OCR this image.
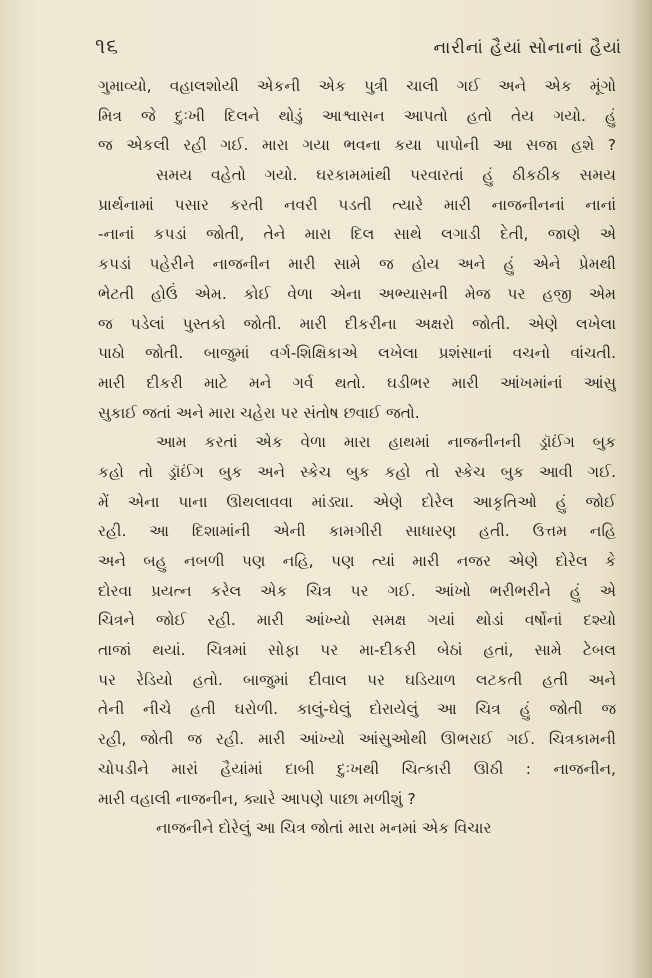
૧૬	નારીનાં હૈયાં સોનાનાં હૈયાં
ગુમાવ્યો, વહાલશોયી એકની એક પુત્રી ચાલી ગઈ અને એક મૂંગો
મિત્ર જે દુઃખી દિલને થોડું આશ્વાસન આપતો હતો તેય ગયો. હું
જ એકલી રહી ગઈ. મારા ગયા ભવના કયા પાપોની આ સજા હશે ?
સમય વહેતો ગયો. ઘરકામમાંથી પરવારતાં હું ઠીકઠીક સમય
પ્રાર્થનામાં પસાર કરતી નવરી પડતી ત્યારે મારી નાજનીનનાં નાનાં
-નાનાં કપડાં જોતી, તેને મારા દિલ સાથે લગાડી દેતી, જાણે એ
કપડાં પહેરીને નાજનીન મારી સામે જ હોય અને હું એને પ્રેમથી
ભેટતી હોઉં એમ. કોઈ વેળા એના અભ્યાસની મેજ પર હજી એમ
જ પડેલાં પુસ્તકો જોતી. મારી દીકરીના અક્ષરો જોતી. એણે લખેલા
પાઠો જોતી. બાજુમાં વર્ગ-શિક્ષિકાએ લખેલા પ્રશંસાનાં વચનો વાંચતી.
મારી દીકરી માટે મને ગર્વ થતો. ઘડીભર મારી આંખમાંનાં આંસુ
સુકાઈ જતાં અને મારા ચહેરા પર સંતોષ છવાઈ જતો.
આમ કરતાં એક વેળા મારા હાથમાં નાજનીનની ડ્રૉઈંગ બુક
કહો તો ડ્રૉઈંગ બુક અને સ્કેચ બુક કહો તો સ્કેચ બુક આવી ગઈ.
મેં એના પાના ઊથલાવવા માંડ્યા. એણે દોરેલ આકૃતિઓ હું જોઈ
રહી. આ દિશામાંની એની કામગીરી સાધારણ હતી. ઉત્તમ નહિ
અને બહુ નબળી પણ નહિ, પણ ત્યાં મારી નજર એણે દોરેલ કે
દોરવા પ્રયત્ન કરેલ એક ચિત્ર પર ગઈ. આંખો ભરીભરીને હું એ
ચિત્રને જોઈ રહી. મારી આંખ્યો સમક્ષ ગયાં થોડાં વર્ષોનાં દશ્યો
તાજાં થયાં. ચિત્રમાં સોફા પર મા-દીકરી બેઠાં હતાં, સામે ટેબલ
પર રેડિયો હતો. બાજુમાં દીવાલ પર ઘડિયાળ લટકતી હતી અને
તેની નીચે હતી ઘરોળી. કાલું-ઘેલું દોરાયેલું આ ચિત્ર હું જોતી જ
રહી, જોતી જ રહી. મારી આંખ્યો આંસુઓથી ઊભરાઈ ગઈ. ચિત્રકામની
ચોપડીને મારાં હૈયાંમાં દાબી દુઃખથી ચિત્કારી ઊઠી : નાજનીન,
મારી વહાલી નાજનીન, ક્યારે આપણે પાછા મળીશું ?
નાજનીને દોરેલું આ ચિત્ર જોતાં મારા મનમાં એક વિચાર
